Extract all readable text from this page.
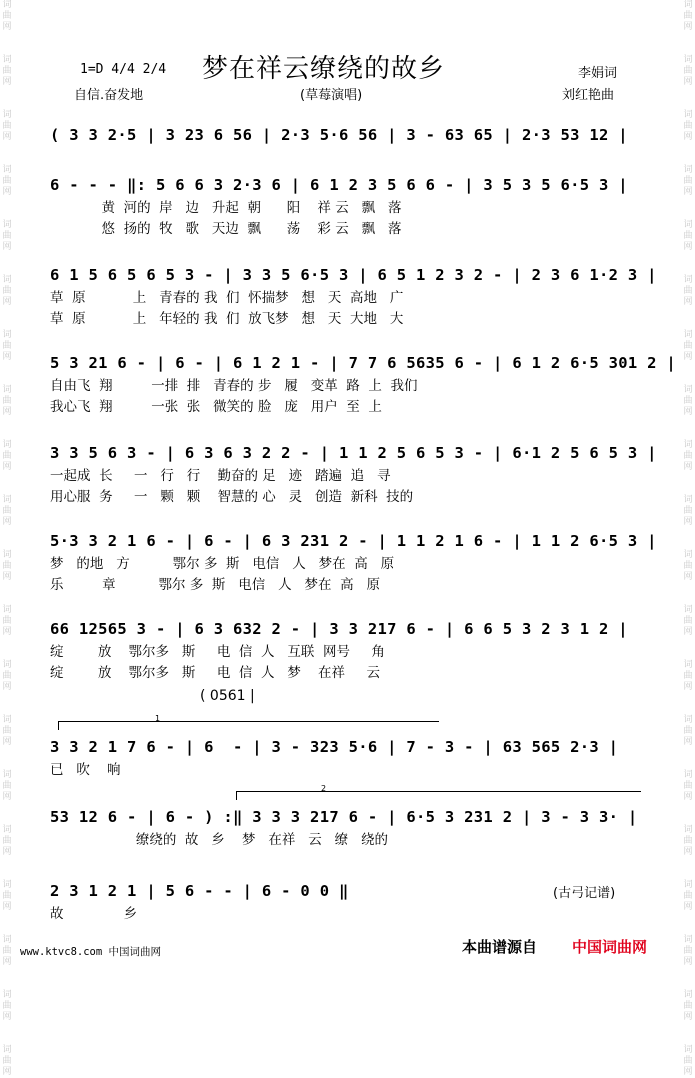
词
曲
网
词
曲
网
词
曲
网
词
曲
网
词
曲
网
词
曲
网
词
曲
网
词
曲
网
词
曲
网
词
曲
网
词
曲
网
词
曲
网
词
曲
网
词
曲
网
词
曲
网
词
曲
网
词
曲
网
词
曲
网
词
曲
网
词
曲
网
词
曲
网
词
曲
网
词
曲
网
词
曲
网
词
曲
网
词
曲
网
词
曲
网
词
曲
网
词
曲
网
词
曲
网
词
曲
网
词
曲
网
词
曲
网
词
曲
网
词
曲
网
词
曲
网
词
曲
网
词
曲
网
词
曲
网
词
曲
网
1=D 4/4 2/4
自信.奋发地
梦在祥云缭绕的故乡
(草莓演唱)
李娟词
刘红艳曲
( 3 3 2·5 | 3 23 6 56 | 2·3 5·6 56 | 3 - 63 65 | 2·3 53 12 |
6 - - - ‖: 5 6 6 3 2·3 6 | 6 1 2 3 5 6 6 - | 3 5 3 5 6·5 3 |
黄  河的  岸   边   升起  朝      阳    祥 云   飘   落
悠  扬的  牧   歌   天边  飘      荡    彩 云   飘   落
6 1 5 6 5 6 5 3 - | 3 3 5 6·5 3 | 6 5 1 2 3 2 - | 2 3 6 1·2 3 |
草  原           上   青春的 我  们  怀揣梦   想   天  高地   广
草  原           上   年轻的 我  们  放飞梦   想   天  大地   大
5 3 21 6 - | 6 - | 6 1 2 1 - | 7 7 6 5635 6 - | 6 1 2 6·5 301 2 |
自由飞  翔         一排  排   青春的 步   履   变革  路  上  我们
我心飞  翔         一张  张   微笑的 脸   庞   用户  至  上
3 3 5 6 3 - | 6 3 6 3 2 2 - | 1 1 2 5 6 5 3 - | 6·1 2 5 6 5 3 |
一起成  长     一   行   行    勤奋的 足   迹   踏遍  追   寻
用心服  务     一   颗   颗    智慧的 心   灵   创造  新科  技的
5·3 3 2 1 6 - | 6 - | 6 3 231 2 - | 1 1 2 1 6 - | 1 1 2 6·5 3 |
梦   的地   方          鄂尔 多  斯   电信   人   梦在  高   原
乐         章          鄂尔 多  斯   电信   人   梦在  高   原
66 12565 3 - | 6 3 632 2 - | 3 3 217 6 - | 6 6 5 3 2 3 1 2 |
绽        放    鄂尔多   斯     电  信  人   互联  网号     角
绽        放    鄂尔多   斯     电  信  人   梦    在祥     云
3 3 2 1 7 6 - | 6  - | 3 - 323 5·6 | 7 - 3 - | 63 565 2·3 |
已   吹    响
53 12 6 - | 6 - ) :‖ 3 3 3 217 6 - | 6·5 3 231 2 | 3 - 3 3· |
缭绕的  故   乡    梦   在祥   云   缭   绕的
2 3 1 2 1 | 5 6 - - | 6 - 0 0 ‖
故              乡
( 0561 |
1
2
(古弓记谱)
www.ktvc8.com 中国词曲网	本曲谱源自 中国词曲网
